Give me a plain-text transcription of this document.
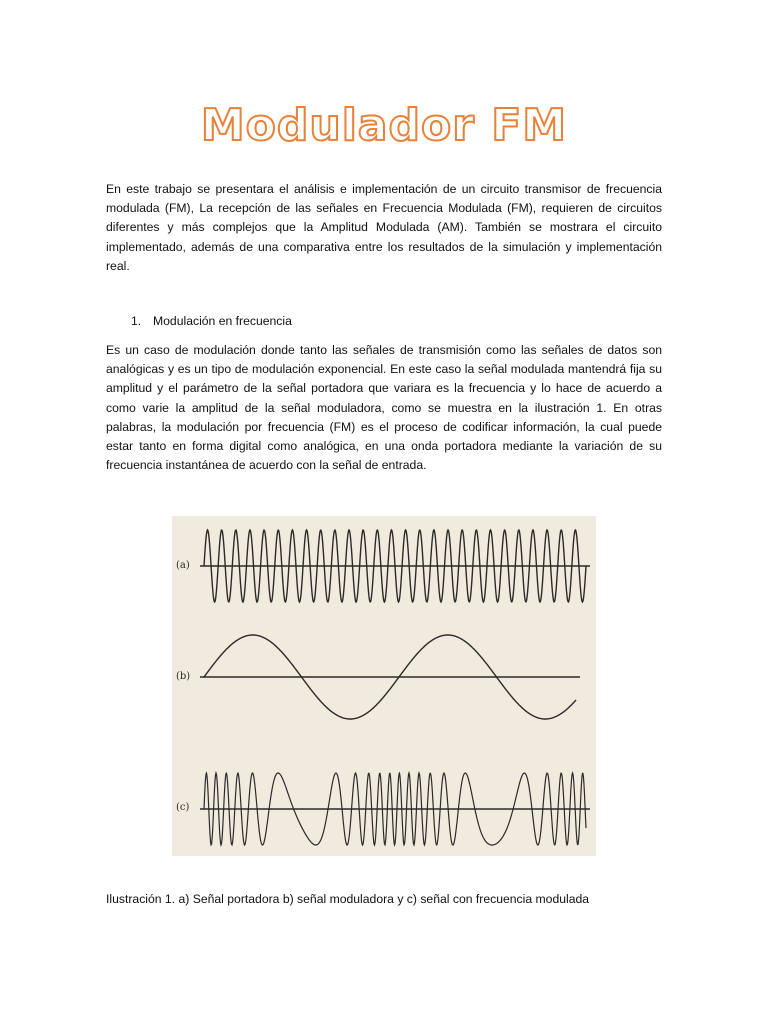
Modulador FM

En este trabajo se presentara el análisis e implementación de un circuito transmisor de frecuencia modulada (FM), La recepción de las señales en Frecuencia Modulada (FM), requieren de circuitos diferentes y más complejos que la Amplitud Modulada (AM). También se mostrara el circuito implementado, además de una comparativa entre los resultados de la simulación y implementación real.

1. Modulación en frecuencia

Es un caso de modulación donde tanto las señales de transmisión como las señales de datos son analógicas y es un tipo de modulación exponencial. En este caso la señal modulada mantendrá fija su amplitud y el parámetro de la señal portadora que variara es la frecuencia y lo hace de acuerdo a como varie la amplitud de la señal moduladora, como se muestra en la ilustración 1. En otras palabras, la modulación por frecuencia (FM) es el proceso de codificar información, la cual puede estar tanto en forma digital como analógica, en una onda portadora mediante la variación de su frecuencia instantánea de acuerdo con la señal de entrada.

(a)
(b)
(c)

Ilustración 1. a) Señal portadora b) señal moduladora y c) señal con frecuencia modulada
